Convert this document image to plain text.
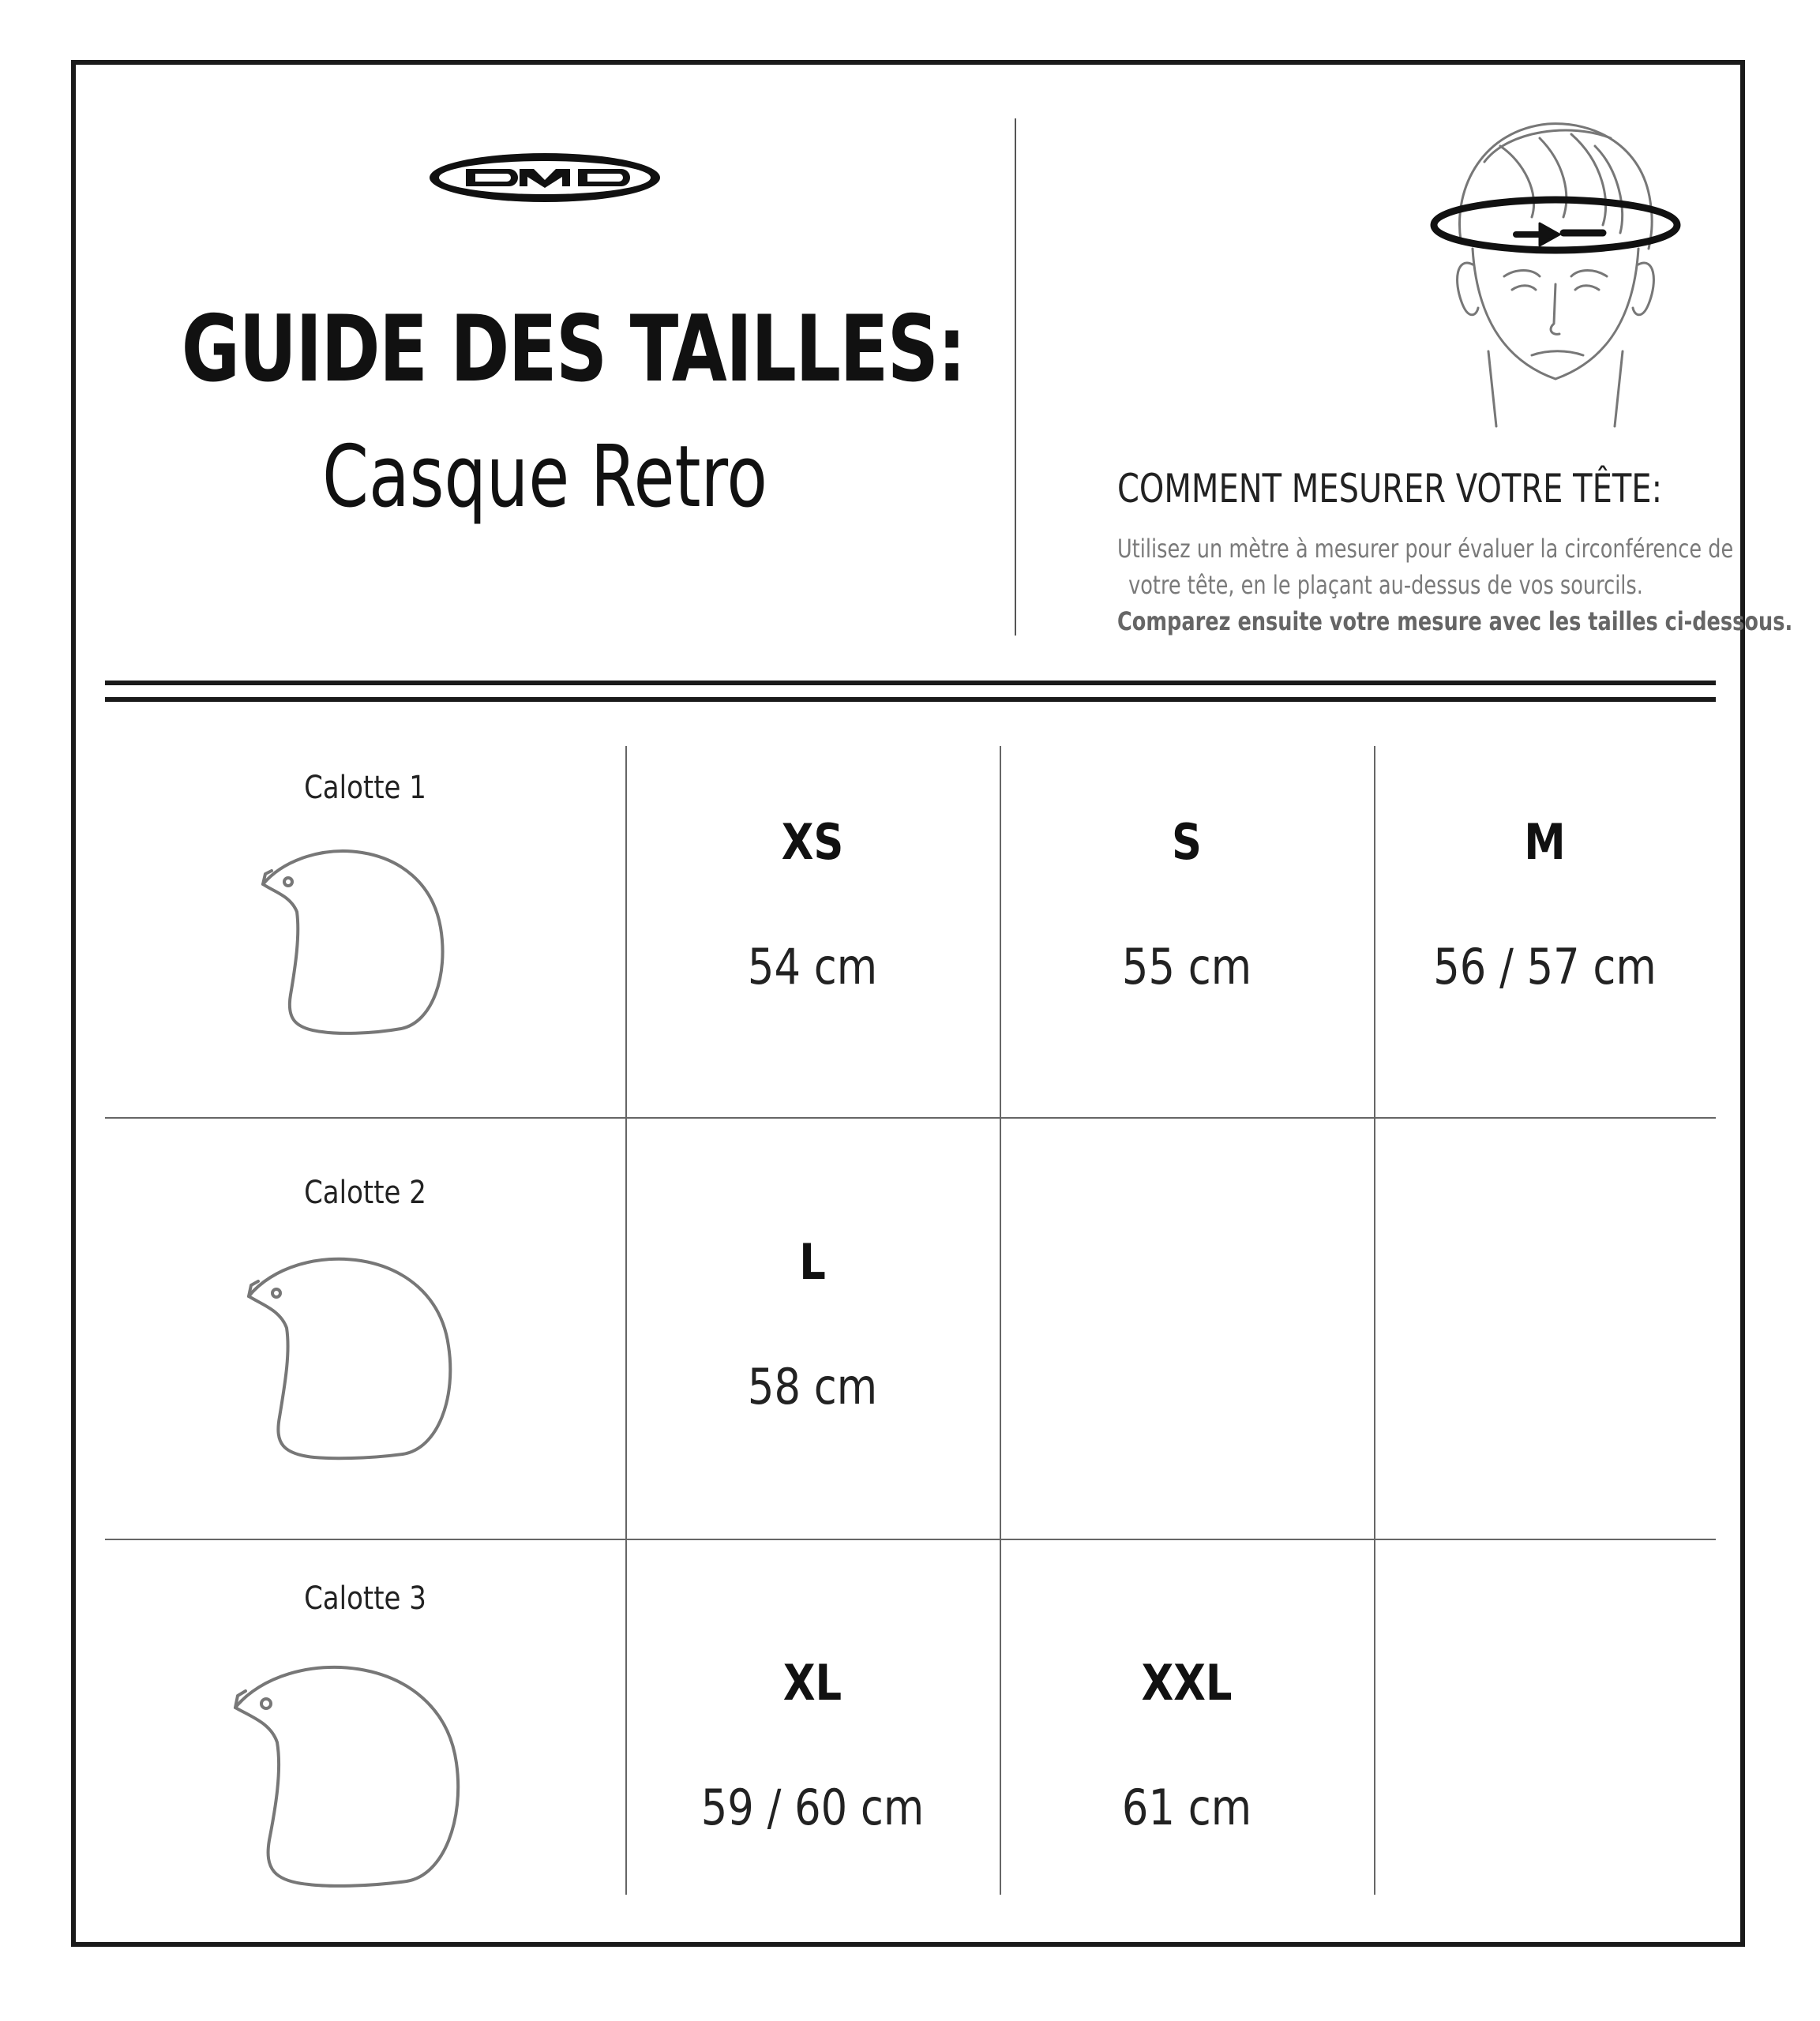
GUIDE DES TAILLES:
Casque Retro	COMMENT MESURER VOTRE TÊTE:
Utilisez un mètre à mesurer pour évaluer la circonférence de
votre tête, en le plaçant au-dessus de vos sourcils.
Comparez ensuite votre mesure avec les tailles ci-dessous.
Calotte 1
XS
54 cm
S
55 cm
M
56 / 57 cm
Calotte 2
L
58 cm
Calotte 3
XL
59 / 60 cm
XXL
61 cm
